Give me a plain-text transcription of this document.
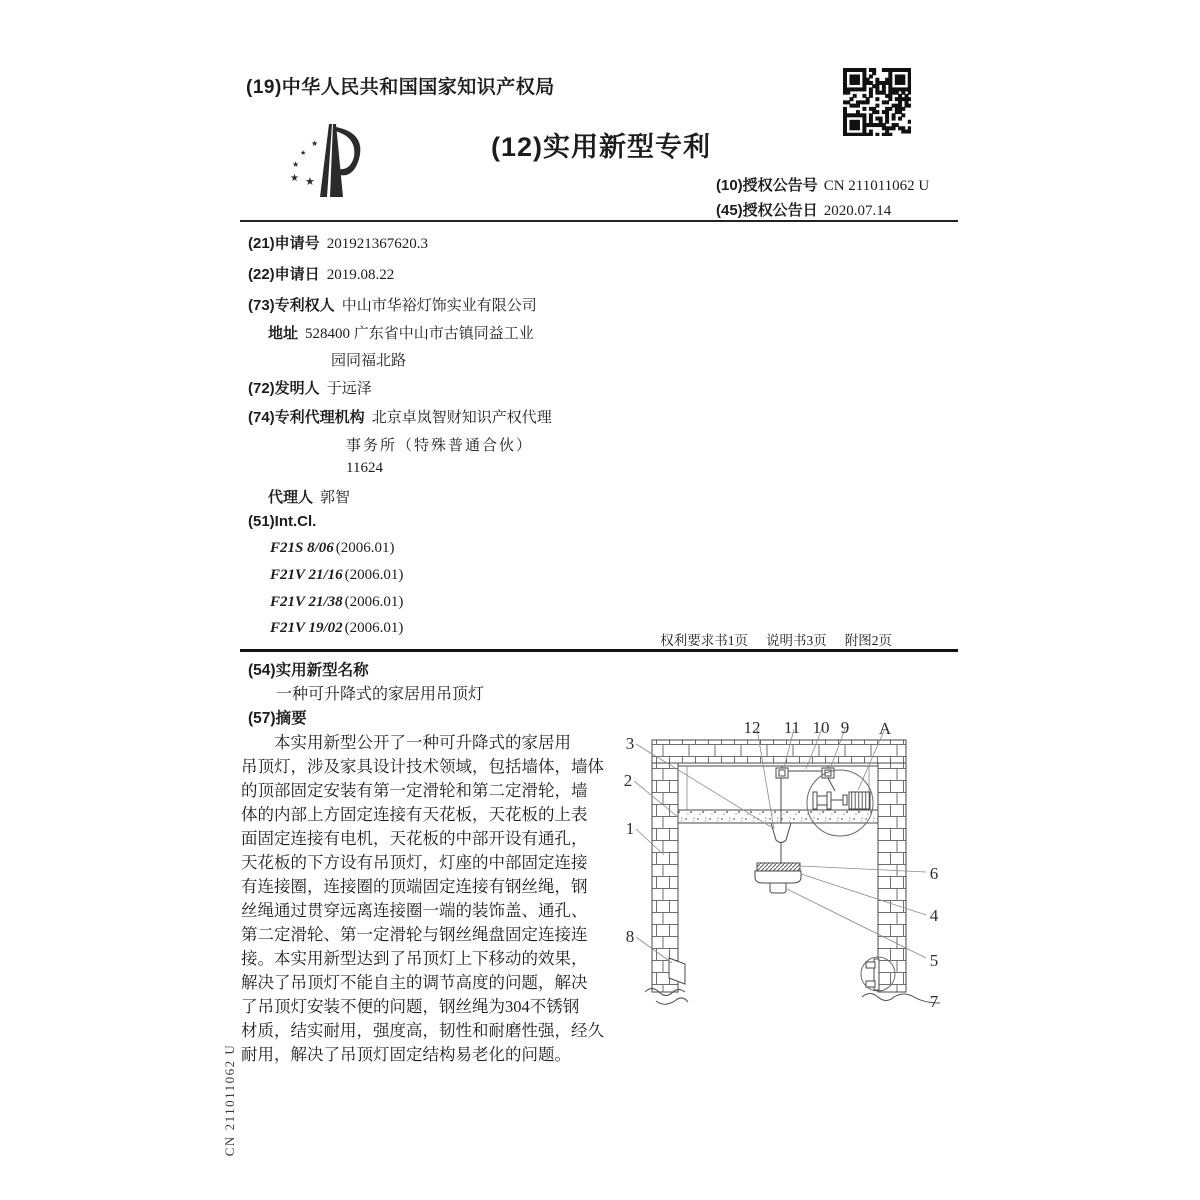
(19)中华人民共和国国家知识产权局
★
★
★
★ ★
(12)实用新型专利
(10)授权公告号 CN 211011062 U
(45)授权公告日 2020.07.14
(21)申请号 201921367620.3
(22)申请日 2019.08.22
(73)专利权人 中山市华裕灯饰实业有限公司
地址 528400 广东省中山市古镇同益工业
园同福北路
(72)发明人 于远泽
(74)专利代理机构 北京卓岚智财知识产权代理
事务所（特殊普通合伙）
11624
代理人 郭智
(51)Int.Cl.
F21S 8/06 (2006.01)
F21V 21/16 (2006.01)
F21V 21/38 (2006.01)
F21V 19/02 (2006.01)
权利要求书1页 说明书3页 附图2页
(54)实用新型名称
一种可升降式的家居用吊顶灯
(57)摘要
本实用新型公开了一种可升降式的家居用
吊顶灯，涉及家具设计技术领域，包括墙体，墙体
的顶部固定安装有第一定滑轮和第二定滑轮，墙
体的内部上方固定连接有天花板，天花板的上表
面固定连接有电机，天花板的中部开设有通孔，
天花板的下方设有吊顶灯，灯座的中部固定连接
有连接圈，连接圈的顶端固定连接有钢丝绳，钢
丝绳通过贯穿远离连接圈一端的装饰盖、通孔、
第二定滑轮、第一定滑轮与钢丝绳盘固定连接连
接。本实用新型达到了吊顶灯上下移动的效果，
解决了吊顶灯不能自主的调节高度的问题，解决
了吊顶灯安装不便的问题，钢丝绳为304不锈钢
材质，结实耐用，强度高，韧性和耐磨性强，经久
耐用，解决了吊顶灯固定结构易老化的问题。
12 11 10 9 A
3
2
1
8
6
4
5
7
CN 211011062 U
